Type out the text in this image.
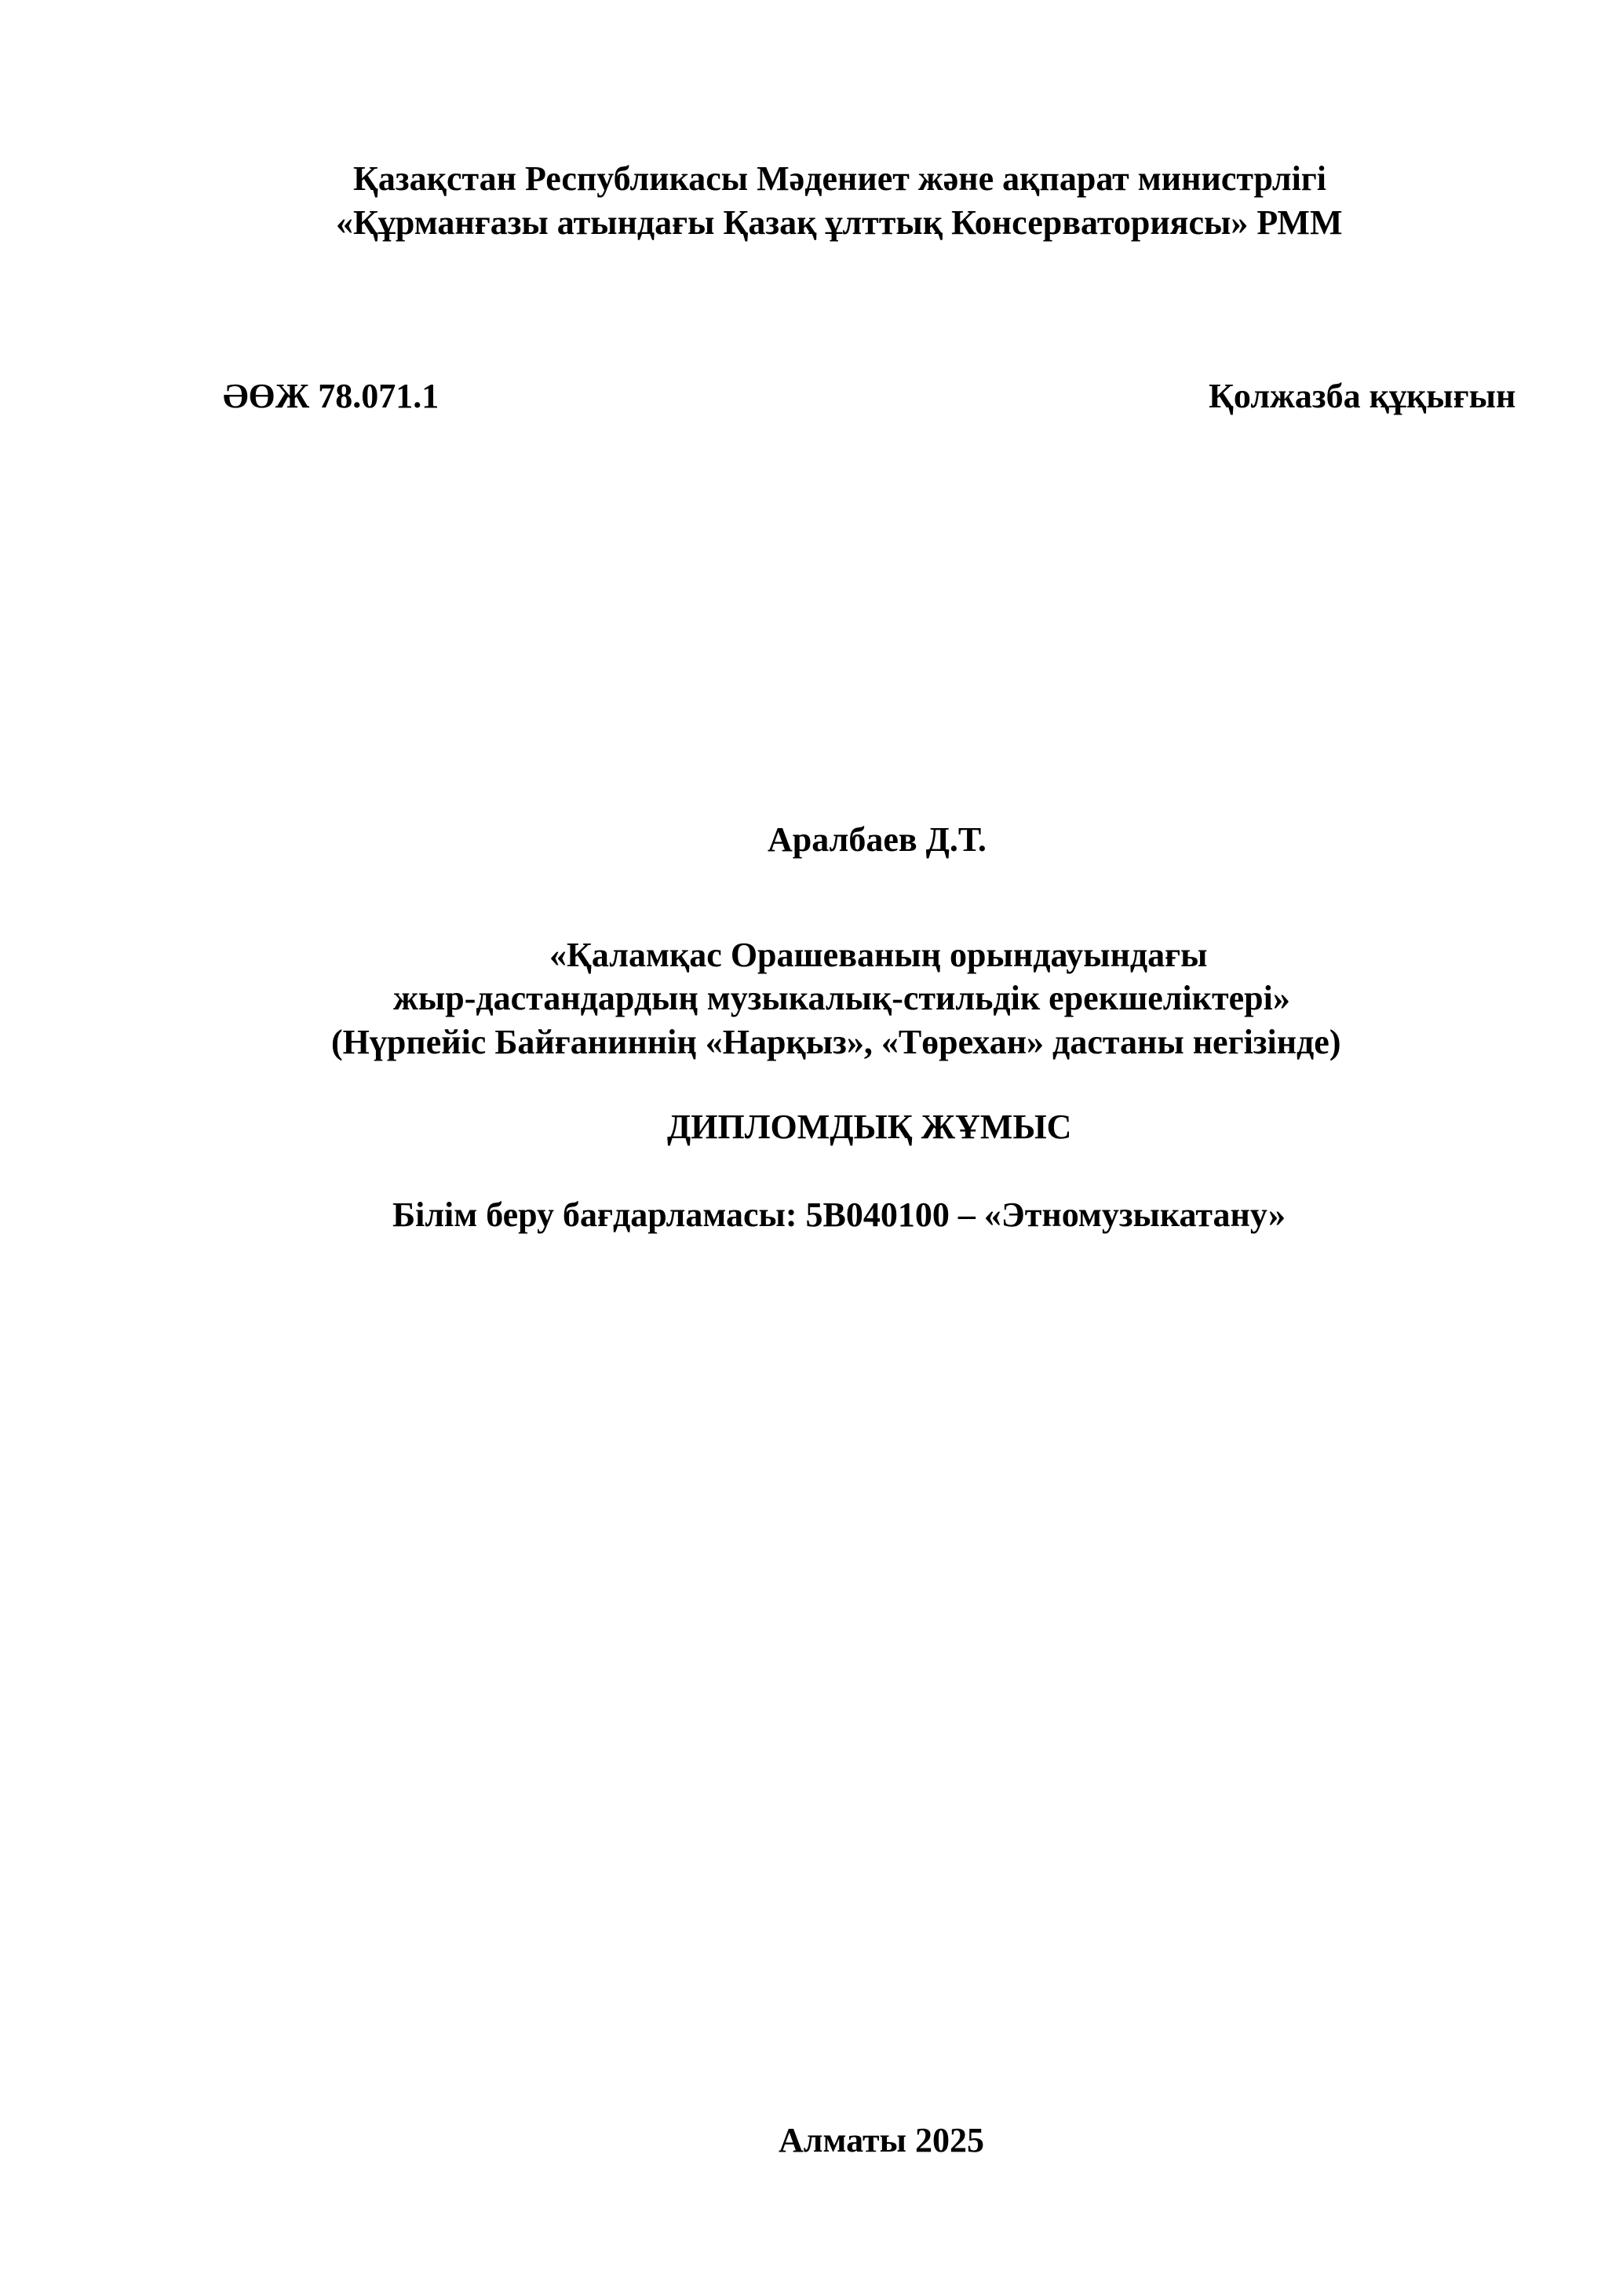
Қазақстан Республикасы Мәдениет және ақпарат министрлігі
«Құрманғазы атындағы Қазақ ұлттық Консерваториясы» РММ
ӘӨЖ 78.071.1	Қолжазба құқығын
Аралбаев Д.Т.
«Қаламқас Орашеваның орындауындағы
жыр-дастандардың музыкалық-стильдік ерекшеліктері»
(Нүрпейіс Байғаниннің «Нарқыз», «Төрехан» дастаны негізінде)
ДИПЛОМДЫҚ ЖҰМЫС
Білім беру бағдарламасы: 5В040100 – «Этномузыкатану»
Алматы 2025
